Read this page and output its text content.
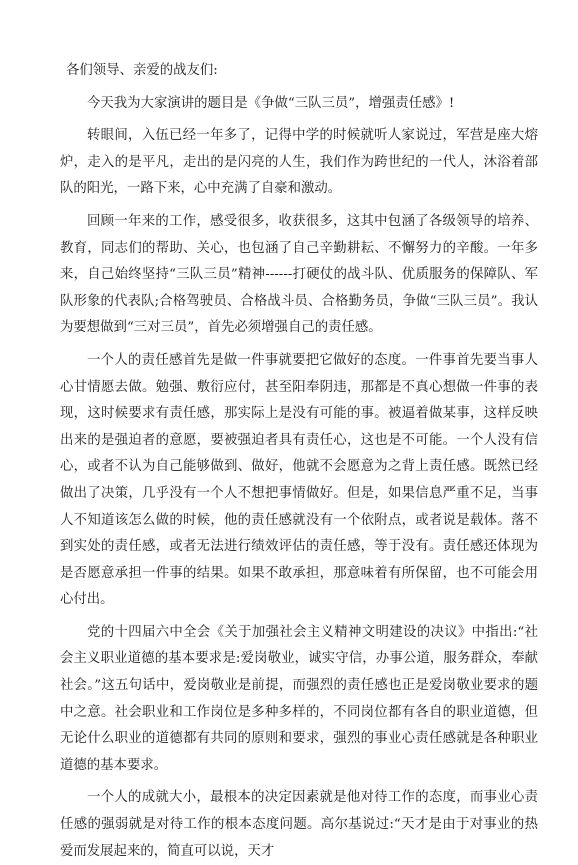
各们领导、亲爱的战友们:

今天我为大家演讲的题目是《争做“三队三员”，增强责任感》!

转眼间，入伍已经一年多了，记得中学的时候就听人家说过，军营是座大熔炉，走入的是平凡，走出的是闪亮的人生，我们作为跨世纪的一代人，沐浴着部队的阳光，一路下来，心中充满了自豪和激动。

回顾一年来的工作，感受很多，收获很多，这其中包涵了各级领导的培养、教育，同志们的帮助、关心，也包涵了自己辛勤耕耘、不懈努力的辛酸。一年多来，自己始终坚持“三队三员”精神------打硬仗的战斗队、优质服务的保障队、军队形象的代表队;合格驾驶员、合格战斗员、合格勤务员，争做“三队三员”。我认为要想做到“三对三员”，首先必须增强自己的责任感。

一个人的责任感首先是做一件事就要把它做好的态度。一件事首先要当事人心甘情愿去做。勉强、敷衍应付，甚至阳奉阴违，那都是不真心想做一件事的表现，这时候要求有责任感，那实际上是没有可能的事。被逼着做某事，这样反映出来的是强迫者的意愿，要被强迫者具有责任心，这也是不可能。一个人没有信心，或者不认为自己能够做到、做好，他就不会愿意为之背上责任感。既然已经做出了决策，几乎没有一个人不想把事情做好。但是，如果信息严重不足，当事人不知道该怎么做的时候，他的责任感就没有一个依附点，或者说是载体。落不到实处的责任感，或者无法进行绩效评估的责任感，等于没有。责任感还体现为是否愿意承担一件事的结果。如果不敢承担，那意味着有所保留，也不可能会用心付出。

党的十四届六中全会《关于加强社会主义精神文明建设的决议》中指出:“社会主义职业道德的基本要求是:爱岗敬业，诚实守信，办事公道，服务群众，奉献社会。”这五句话中，爱岗敬业是前提，而强烈的责任感也正是爱岗敬业要求的题中之意。社会职业和工作岗位是多种多样的，不同岗位都有各自的职业道德，但无论什么职业的道德都有共同的原则和要求，强烈的事业心责任感就是各种职业道德的基本要求。

一个人的成就大小，最根本的决定因素就是他对待工作的态度，而事业心责任感的强弱就是对待工作的根本态度问题。高尔基说过:“天才是由于对事业的热爱而发展起来的，简直可以说，天才
